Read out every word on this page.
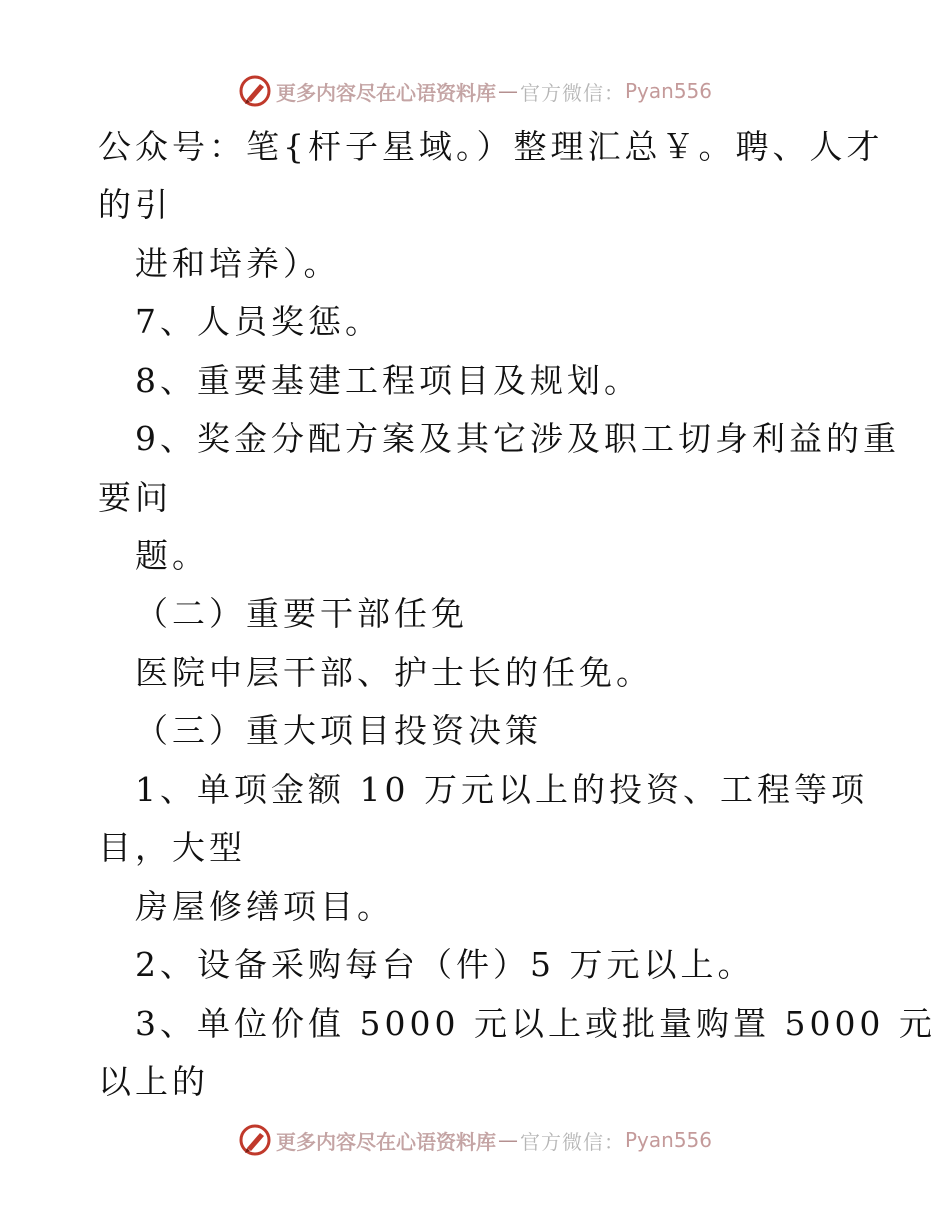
更多内容尽在心语资料库 — 官方微信： Pyan556
公众号：笔{杆子星域。）整理汇总￥。聘、人才
的引
进和培养）。
7、人员奖惩。
8、重要基建工程项目及规划。
9、奖金分配方案及其它涉及职工切身利益的重
要问
题。
（二）重要干部任免
医院中层干部、护士长的任免。
（三）重大项目投资决策
1、单项金额 10 万元以上的投资、工程等项
目，大型
房屋修缮项目。
2、设备采购每台（件）5 万元以上。
3、单位价值 5000 元以上或批量购置 5000 元
以上的
更多内容尽在心语资料库 — 官方微信： Pyan556
